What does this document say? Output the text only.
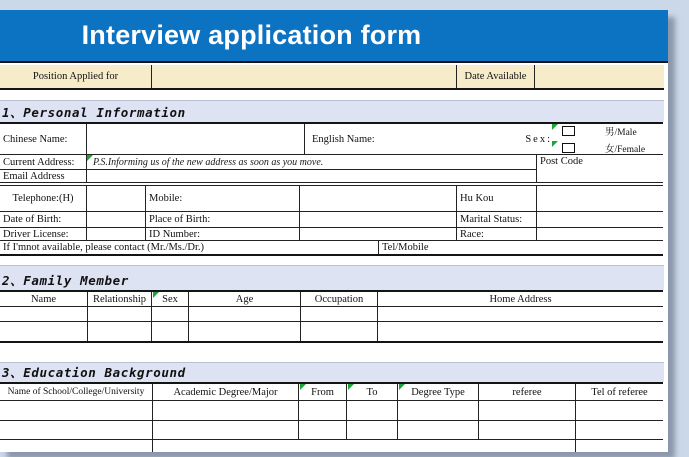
Interview application form
Position Applied for	Date Available
1、Personal Information
Chinese Name:	English Name:	Sex:
男/Male
女/Female
Current Address:	P.S.Informing us of the new address as soon as you move.
Email Address
Post Code
Telephone:(H)	Mobile:	Hu Kou
Date of Birth:	Place of Birth:	Marital Status:
Driver License:	ID Number:	Race:
If I'mnot available, please contact (Mr./Ms./Dr.)	Tel/Mobile
2、Family Member
Name	Relationship	Sex	Age	Occupation	Home Address
3、Education Background
Name of School/College/University	Academic Degree/Major	From	To	Degree Type	referee	Tel of referee
